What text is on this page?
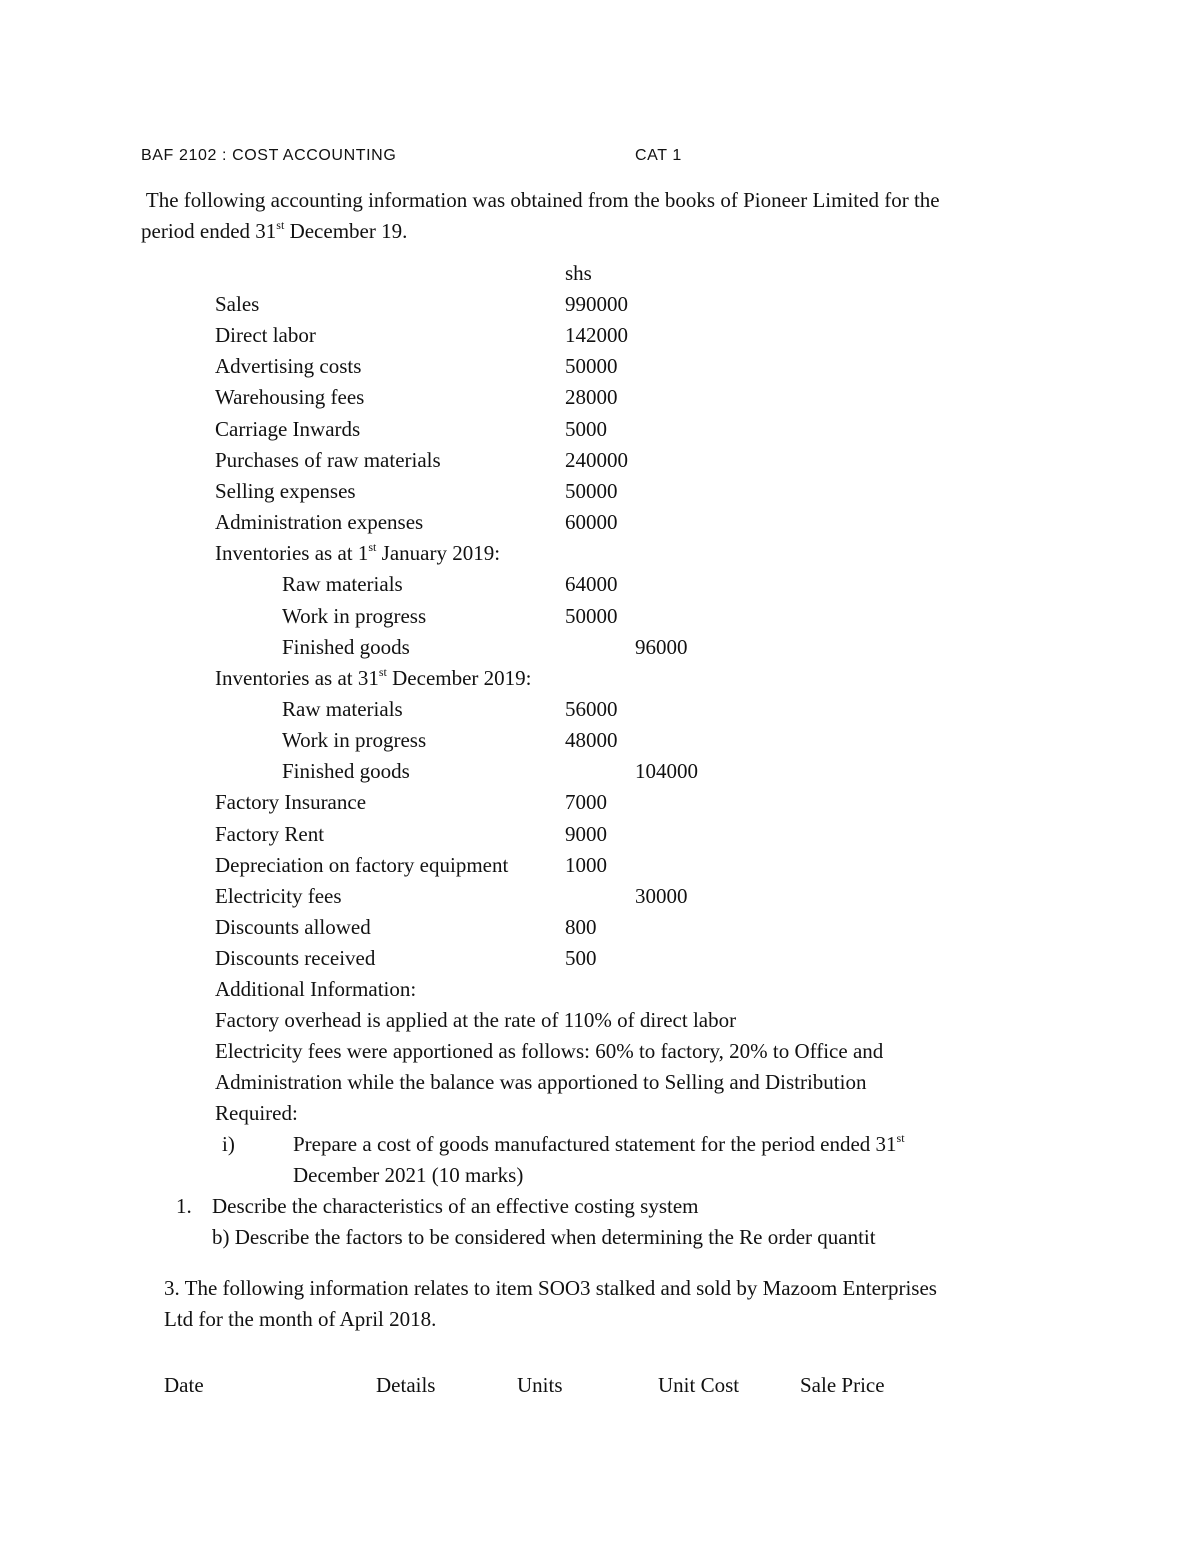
BAF 2102 : COST ACCOUNTING	CAT 1
The following accounting information was obtained from the books of Pioneer Limited for the
period ended 31st December 19.
shs
Sales	990000
Direct labor	142000
Advertising costs	50000
Warehousing fees	28000
Carriage Inwards	5000
Purchases of raw materials	240000
Selling expenses	50000
Administration expenses	60000
Inventories as at 1st January 2019:
Raw materials	64000
Work in progress	50000
Finished goods	96000
Inventories as at 31st December 2019:
Raw materials	56000
Work in progress	48000
Finished goods	104000
Factory Insurance	7000
Factory Rent	9000
Depreciation on factory equipment	1000
Electricity fees	30000
Discounts allowed	800
Discounts received	500
Additional Information:
Factory overhead is applied at the rate of 110% of direct labor
Electricity fees were apportioned as follows: 60% to factory, 20% to Office and
Administration while the balance was apportioned to Selling and Distribution
Required:
i)	Prepare a cost of goods manufactured statement for the period ended 31st
December 2021 (10 marks)
1. Describe the characteristics of an effective costing system
b) Describe the factors to be considered when determining the Re order quantit
3. The following information relates to item SOO3 stalked and sold by Mazoom Enterprises
Ltd for the month of April 2018.
Date	Details	Units	Unit Cost	Sale Price
